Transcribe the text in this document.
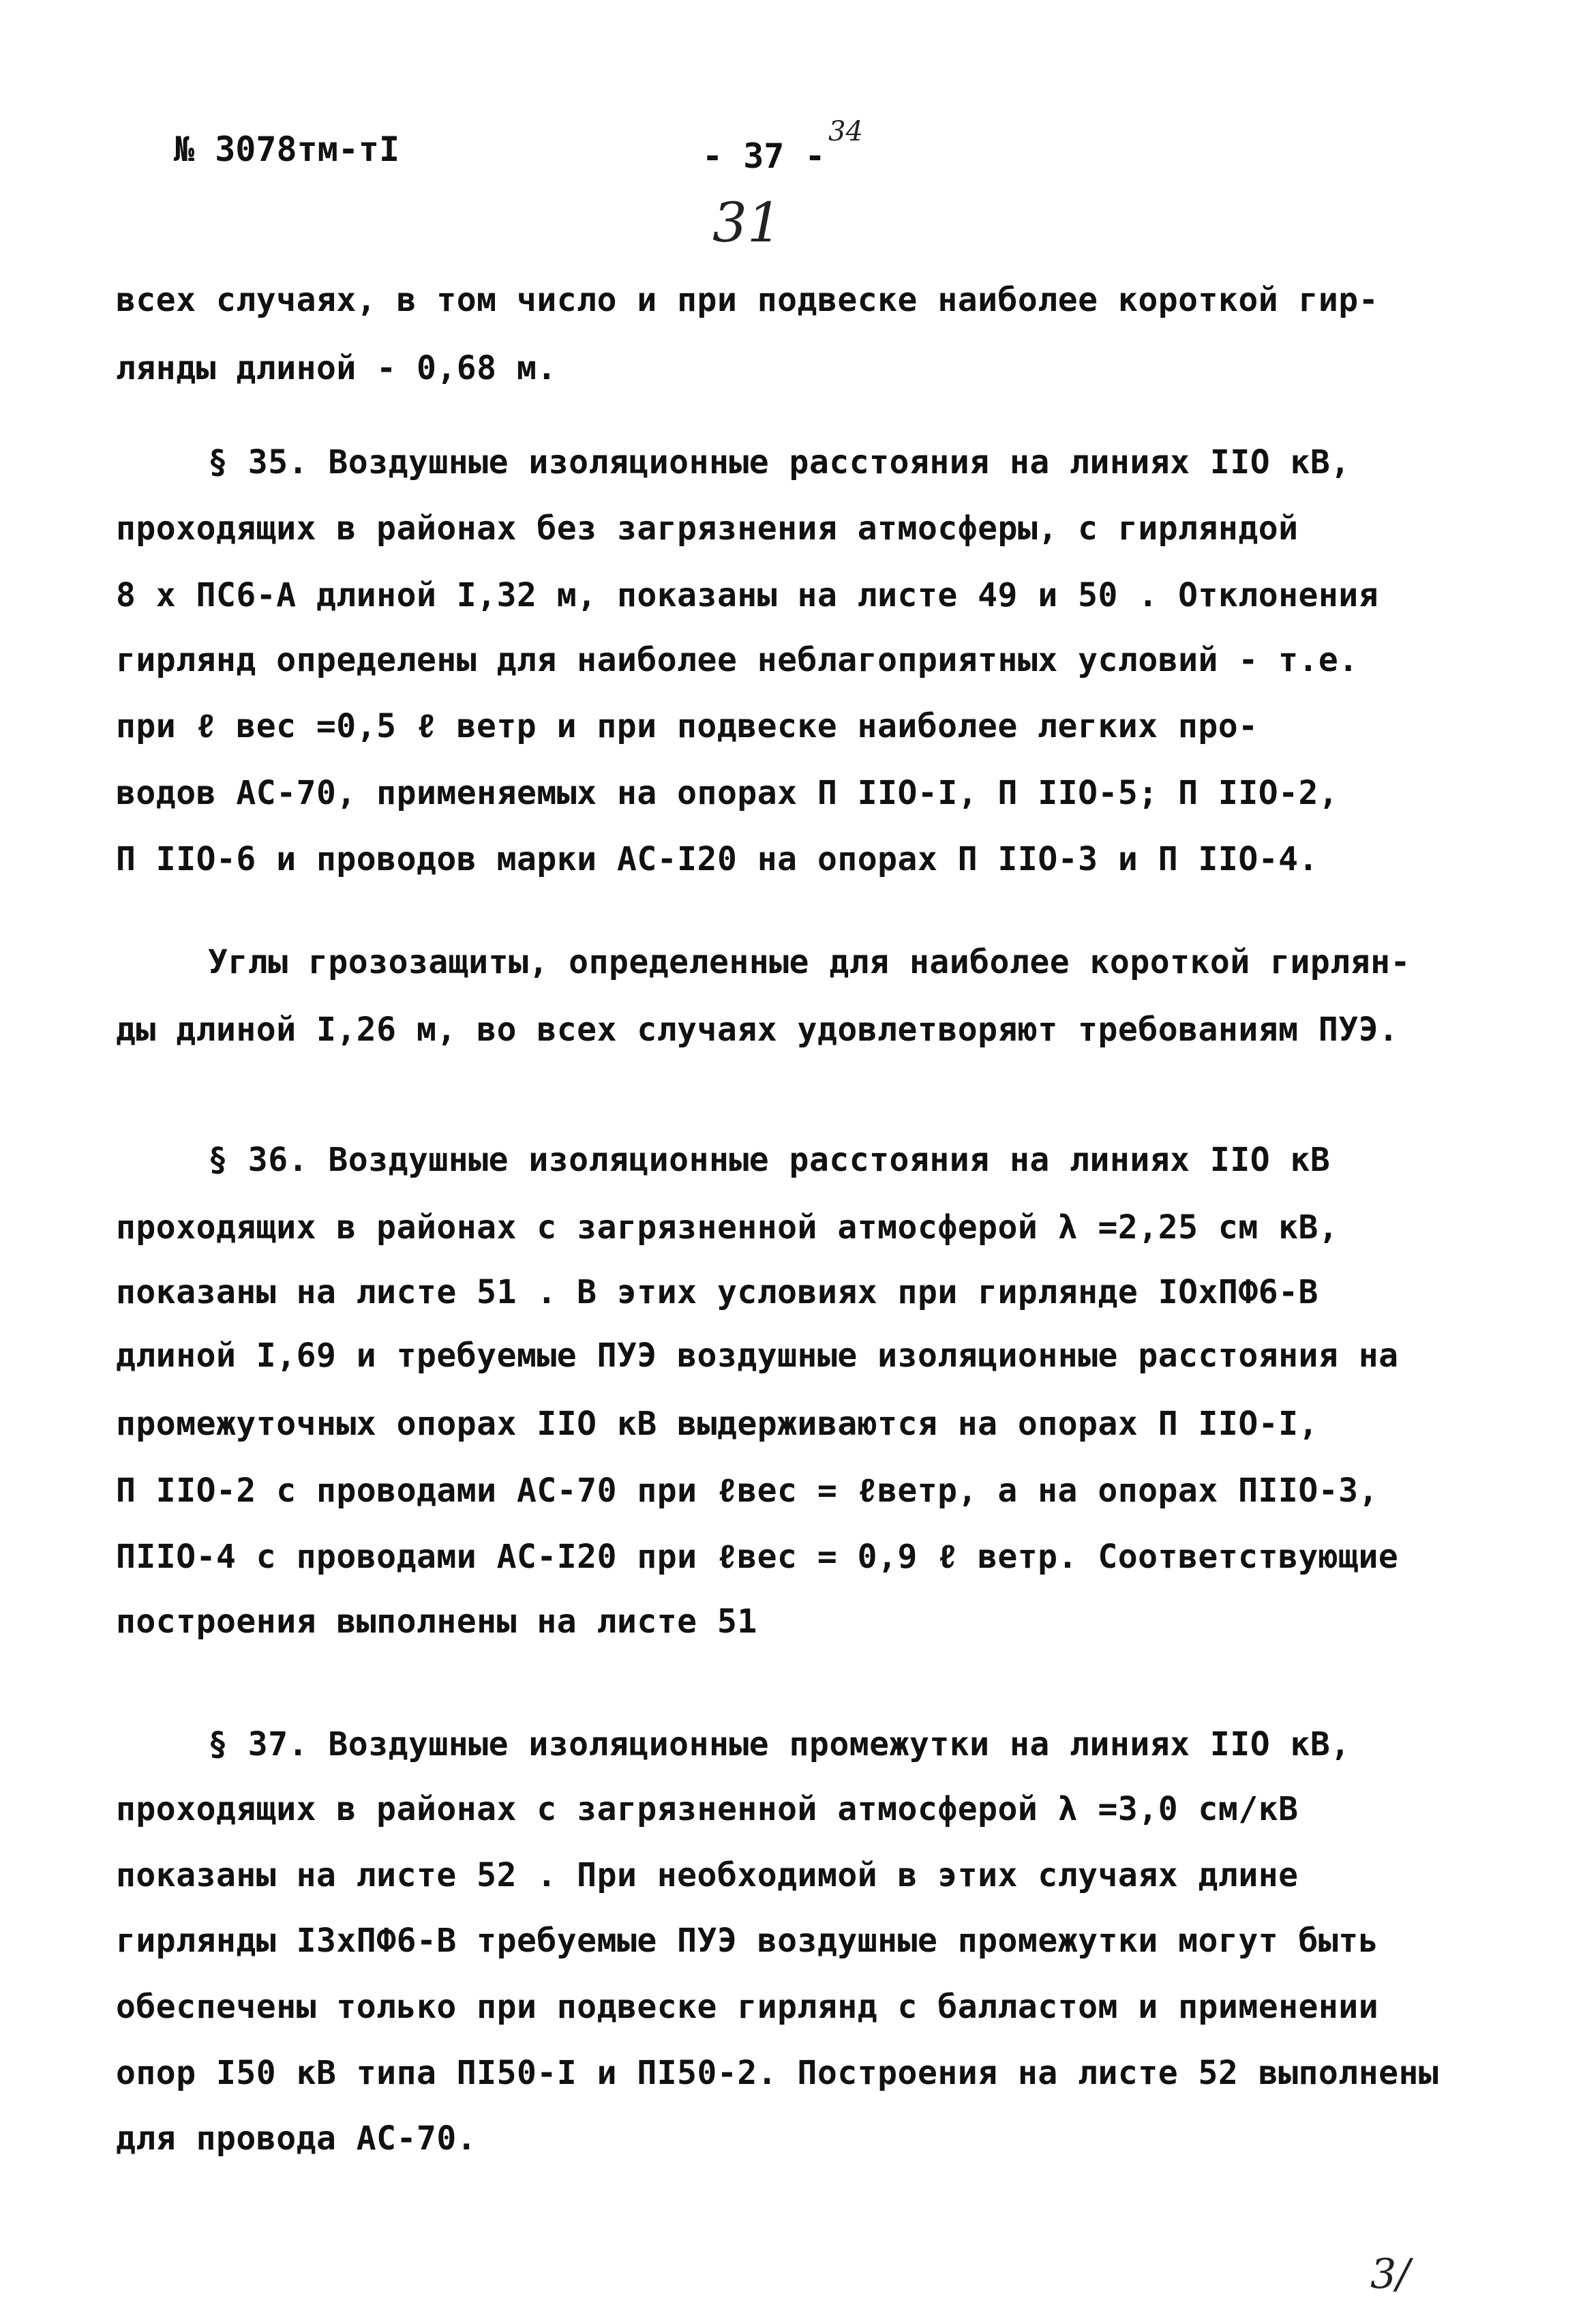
№ 3078тм-тI	- 37 -
34
31
всех случаях, в том число и при подвеске наиболее короткой гир-
лянды длиной - 0,68 м.
§ 35. Воздушные изоляционные расстояния на линиях IIO кВ,
проходящих в районах без загрязнения атмосферы, с гирляндой
8 х ПС6-А длиной I,32 м, показаны на листе 49 и 50 . Отклонения
гирлянд определены для наиболее неблагоприятных условий - т.е.
при ℓ вес =0,5 ℓ ветр и при подвеске наиболее легких про-
водов АС-70, применяемых на опорах П IIO-I, П IIO-5; П IIO-2,
П IIO-6 и проводов марки АС-I20 на опорах П IIO-3 и П IIO-4.
Углы грозозащиты, определенные для наиболее короткой гирлян-
ды длиной I,26 м, во всех случаях удовлетворяют требованиям ПУЭ.
§ 36. Воздушные изоляционные расстояния на линиях IIO кВ
проходящих в районах с загрязненной атмосферой λ =2,25 см кВ,
показаны на листе 51 . В этих условиях при гирлянде IOxПФ6-В
длиной I,69 и требуемые ПУЭ воздушные изоляционные расстояния на
промежуточных опорах IIO кВ выдерживаются на опорах П IIO-I,
П IIO-2 с проводами АС-70 при ℓвес = ℓветр, а на опорах ПIIO-3,
ПIIO-4 с проводами АС-I20 при ℓвес = 0,9 ℓ ветр. Соответствующие
построения выполнены на листе 51
§ 37. Воздушные изоляционные промежутки на линиях IIO кВ,
проходящих в районах с загрязненной атмосферой λ =3,0 см/кВ
показаны на листе 52 . При необходимой в этих случаях длине
гирлянды I3xПФ6-В требуемые ПУЭ воздушные промежутки могут быть
обеспечены только при подвеске гирлянд с балластом и применении
опор I50 кВ типа ПI50-I и ПI50-2. Построения на листе 52 выполнены
для провода АС-70.
3/
